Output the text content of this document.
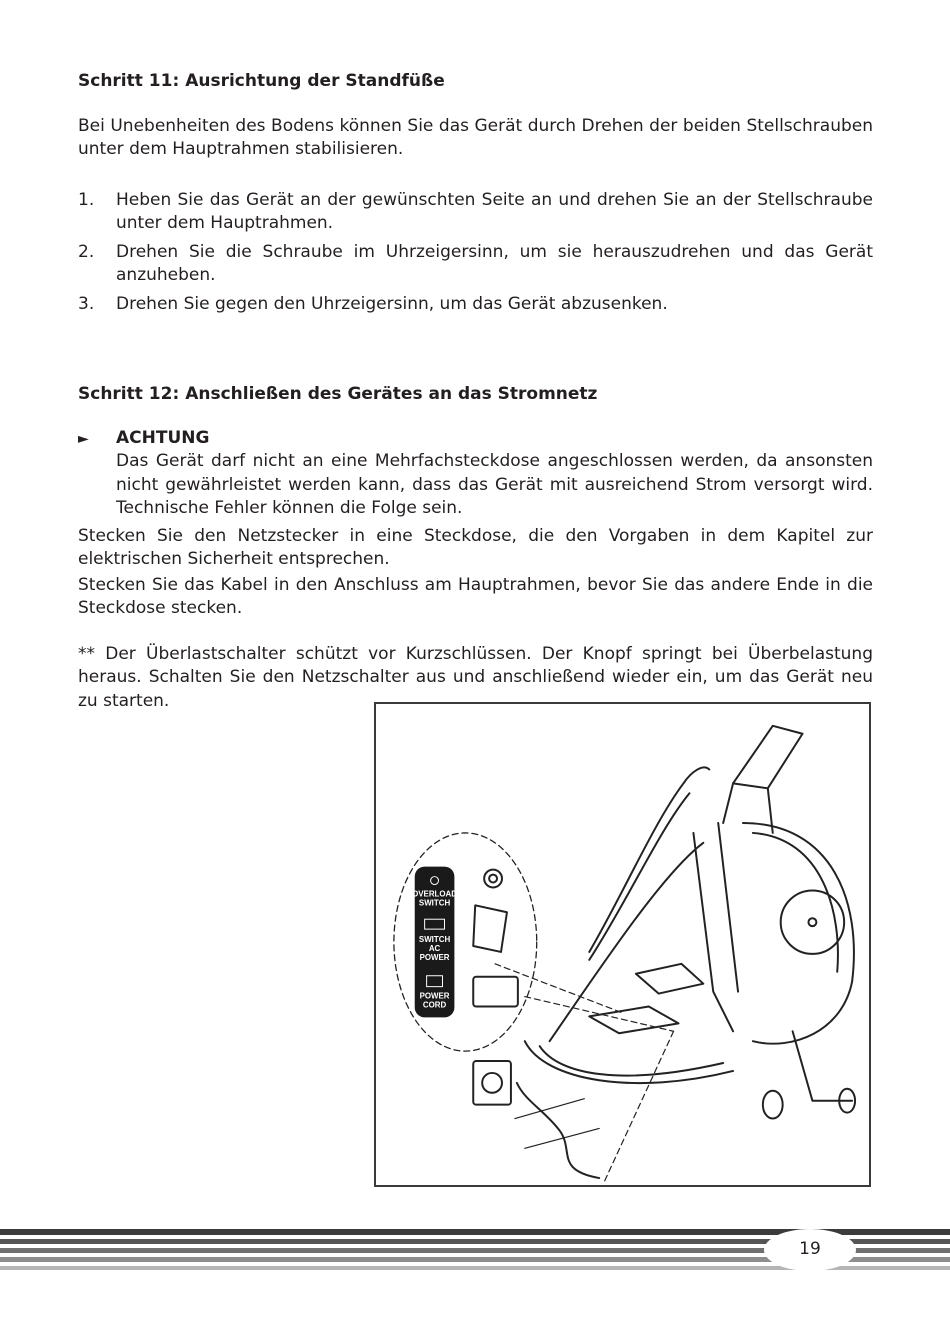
Schritt 11: Ausrichtung der Standfüße

Bei Unebenheiten des Bodens können Sie das Gerät durch Drehen der beiden Stellschrauben unter dem Hauptrahmen stabilisieren.

1.	Heben Sie das Gerät an der gewünschten Seite an und drehen Sie an der Stellschraube unter dem Hauptrahmen.
2.	Drehen Sie die Schraube im Uhrzeigersinn, um sie herauszudrehen und das Gerät anzuheben.
3.	Drehen Sie gegen den Uhrzeigersinn, um das Gerät abzusenken.

Schritt 12: Anschließen des Gerätes an das Stromnetz

►	ACHTUNG
Das Gerät darf nicht an eine Mehrfachsteckdose angeschlossen werden, da ansonsten nicht gewährleistet werden kann, dass das Gerät mit ausreichend Strom versorgt wird. Technische Fehler können die Folge sein.

Stecken Sie den Netzstecker in eine Steckdose, die den Vorgaben in dem Kapitel zur elektrischen Sicherheit entsprechen.

Stecken Sie das Kabel in den Anschluss am Hauptrahmen, bevor Sie das andere Ende in die Steckdose stecken.

** Der Überlastschalter schützt vor Kurzschlüssen. Der Knopf springt bei Überbelastung heraus. Schalten Sie den Netzschalter aus und anschließend wieder ein, um das Gerät neu zu starten.

OVERLOAD
SWITCH
SWITCH
AC
POWER
POWER
CORD
19
